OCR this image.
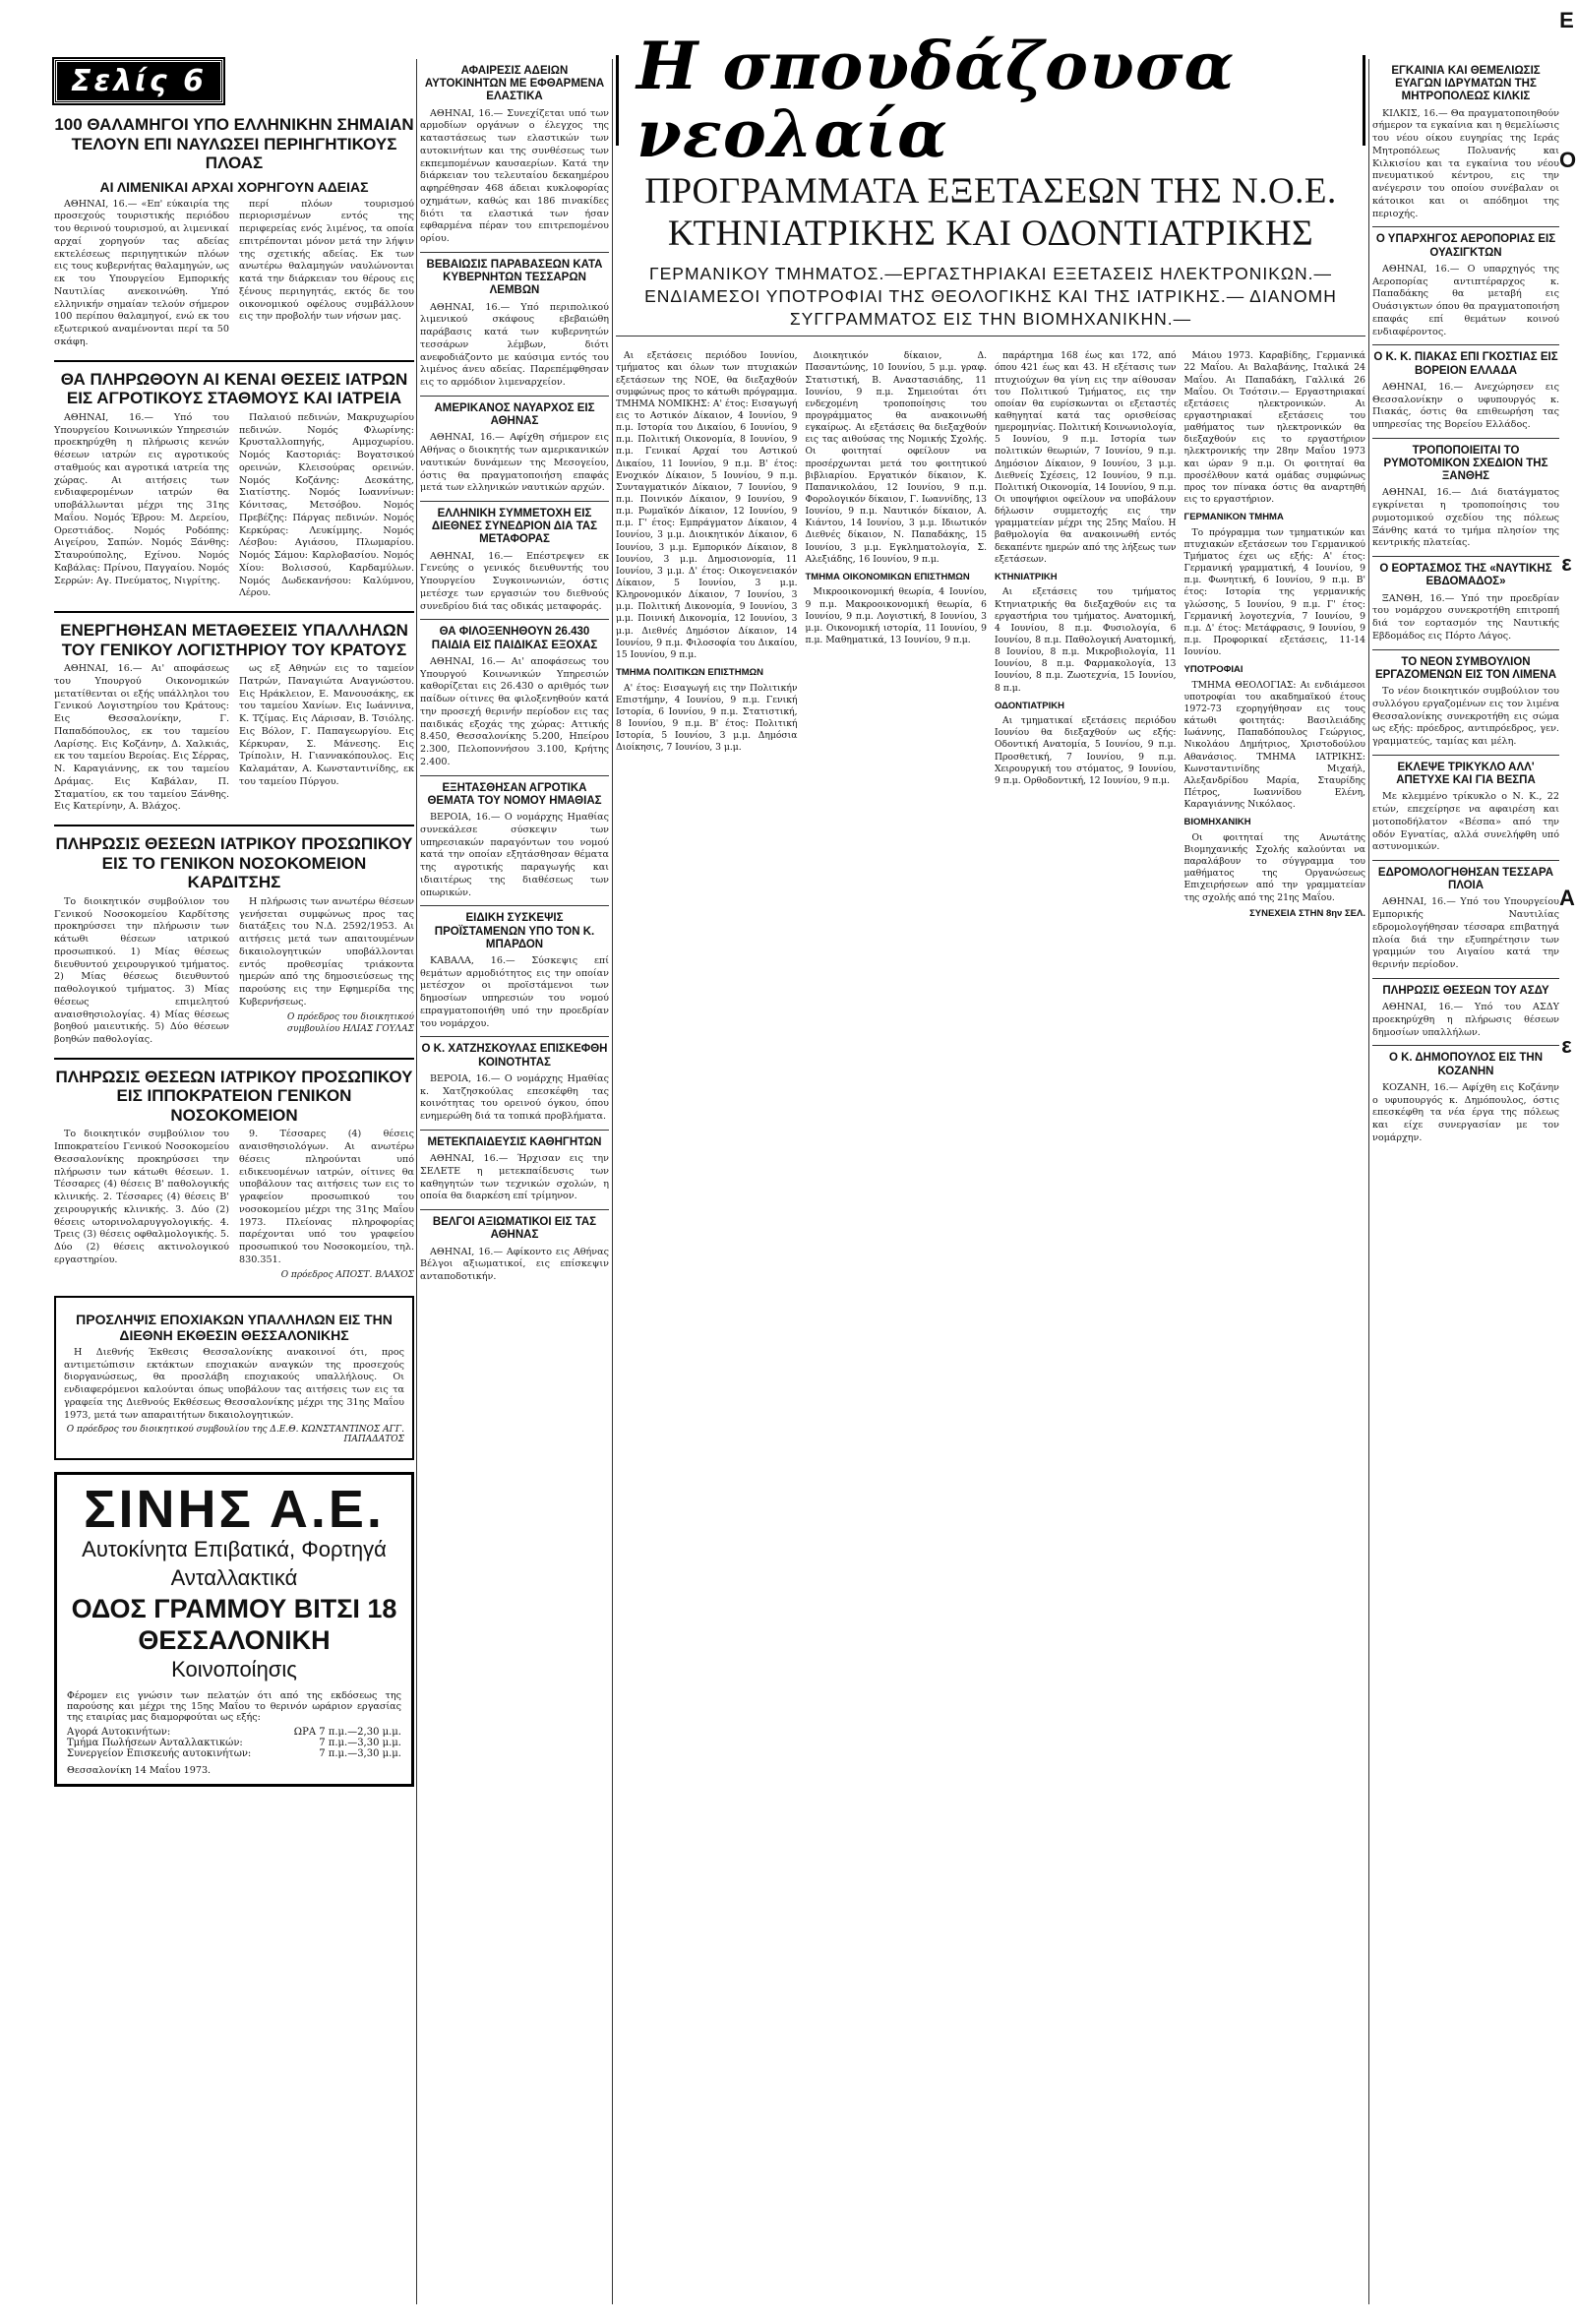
Σελίς 6
100 ΘΑΛΑΜΗΓΟΙ ΥΠΟ ΕΛΛΗΝΙΚΗΝ ΣΗΜΑΙΑΝ ΤΕΛΟΥΝ ΕΠΙ ΝΑΥΛΩΣΕΙ ΠΕΡΙΗΓΗΤΙΚΟΥΣ ΠΛΟΑΣ
ΑΙ ΛΙΜΕΝΙΚΑΙ ΑΡΧΑΙ ΧΟΡΗΓΟΥΝ ΑΔΕΙΑΣ

ΑΘΗΝΑΙ, 16.— «Επ' εύκαιρία της προσεχούς τουριστικής περιόδου του θερινού τουρισμού, αι λιμενικαί αρχαί χορηγούν τας αδείας εκτελέσεως περιηγητικών πλόων εις τους κυβερνήτας θαλαμηγών, ως εκ του Υπουργείου Εμπορικής Ναυτιλίας ανεκοινώθη. Υπό ελληνικήν σημαίαν τελούν σήμερον 100 περίπου θαλαμηγοί, ενώ εκ του εξωτερικού αναμένονται περί τα 50 σκάφη.

περί πλόων τουρισμού περιορισμένων εντός της περιφερείας ενός λιμένος, τα οποία επιτρέπονται μόνον μετά την λήψιν της σχετικής αδείας. Εκ των ανωτέρω θαλαμηγών ναυλώνονται κατά την διάρκειαν του θέρους εις ξένους περιηγητάς, εκτός δε του οικονομικού οφέλους συμβάλλουν εις την προβολήν των νήσων μας.

ΘΑ ΠΛΗΡΩΘΟΥΝ ΑΙ ΚΕΝΑΙ ΘΕΣΕΙΣ ΙΑΤΡΩΝ ΕΙΣ ΑΓΡΟΤΙΚΟΥΣ ΣΤΑΘΜΟΥΣ ΚΑΙ ΙΑΤΡΕΙΑ

ΑΘΗΝΑΙ, 16.— Υπό του Υπουργείου Κοινωνικών Υπηρεσιών προεκηρύχθη η πλήρωσις κενών θέσεων ιατρών εις αγροτικούς σταθμούς και αγροτικά ιατρεία της χώρας. Αι αιτήσεις των ενδιαφερομένων ιατρών θα υποβάλλωνται μέχρι της 31ης Μαΐου. Νομός Έβρου: Μ. Δερείου, Ορεστιάδος. Νομός Ροδόπης: Αιγείρου, Σαπών. Νομός Ξάνθης: Σταυρούπολης, Εχίνου. Νομός Καβάλας: Πρίνου, Παγγαίου. Νομός Σερρών: Αγ. Πνεύματος, Νιγρίτης.

Παλαιού πεδινών, Μακρυχωρίου πεδινών. Νομός Φλωρίνης: Κρυσταλλοπηγής, Αμμοχωρίου. Νομός Καστοριάς: Βογατσικού ορεινών, Κλεισούρας ορεινών. Νομός Κοζάνης: Δεσκάτης, Σιατίστης. Νομός Ιωαννίνων: Κόνιτσας, Μετσόβου. Νομός Πρεβέζης: Πάργας πεδινών. Νομός Κερκύρας: Λευκίμμης. Νομός Λέσβου: Αγιάσου, Πλωμαρίου. Νομός Σάμου: Καρλοβασίου. Νομός Χίου: Βολισσού, Καρδαμύλων. Νομός Δωδεκανήσου: Καλύμνου, Λέρου.

ΕΝΕΡΓΗΘΗΣΑΝ ΜΕΤΑΘΕΣΕΙΣ ΥΠΑΛΛΗΛΩΝ ΤΟΥ ΓΕΝΙΚΟΥ ΛΟΓΙΣΤΗΡΙΟΥ ΤΟΥ ΚΡΑΤΟΥΣ

ΑΘΗΝΑΙ, 16.— Αι' αποφάσεως του Υπουργού Οικονομικών μετατίθενται οι εξής υπάλληλοι του Γενικού Λογιστηρίου του Κράτους: Εις Θεσσαλονίκην, Γ. Παπαδόπουλος, εκ του ταμείου Λαρίσης. Εις Κοζάνην, Δ. Χαλκιάς, εκ του ταμείου Βεροίας. Εις Σέρρας, Ν. Καραγιάννης, εκ του ταμείου Δράμας. Εις Καβάλαν, Π. Σταματίου, εκ του ταμείου Ξάνθης. Εις Κατερίνην, Α. Βλάχος.

ως εξ Αθηνών εις το ταμείον Πατρών, Παναγιώτα Αναγνώστου. Εις Ηράκλειον, Ε. Μανουσάκης, εκ του ταμείου Χανίων. Εις Ιωάννινα, Κ. Τζίμας. Εις Λάρισαν, Β. Τσιόλης. Εις Βόλον, Γ. Παπαγεωργίου. Εις Κέρκυραν, Σ. Μάνεσης. Εις Τρίπολιν, Η. Γιαννακόπουλος. Εις Καλαμάταν, Α. Κωνσταντινίδης, εκ του ταμείου Πύργου.

ΠΛΗΡΩΣΙΣ ΘΕΣΕΩΝ ΙΑΤΡΙΚΟΥ ΠΡΟΣΩΠΙΚΟΥ ΕΙΣ ΤΟ ΓΕΝΙΚΟΝ ΝΟΣΟΚΟΜΕΙΟΝ ΚΑΡΔΙΤΣΗΣ

Το διοικητικόν συμβούλιον του Γενικού Νοσοκομείου Καρδίτσης προκηρύσσει την πλήρωσιν των κάτωθι θέσεων ιατρικού προσωπικού. 1) Μίας θέσεως διευθυντού χειρουργικού τμήματος. 2) Μίας θέσεως διευθυντού παθολογικού τμήματος. 3) Μίας θέσεως επιμελητού αναισθησιολογίας. 4) Μίας θέσεως βοηθού μαιευτικής. 5) Δύο θέσεων βοηθών παθολογίας.

Η πλήρωσις των ανωτέρω θέσεων γενήσεται συμφώνως προς τας διατάξεις του Ν.Δ. 2592/1953. Αι αιτήσεις μετά των απαιτουμένων δικαιολογητικών υποβάλλονται εντός προθεσμίας τριάκοντα ημερών από της δημοσιεύσεως της παρούσης εις την Εφημερίδα της Κυβερνήσεως.

Ο πρόεδρος του διοικητικού συμβουλίου ΗΛΙΑΣ ΓΟΥΛΑΣ
ΠΛΗΡΩΣΙΣ ΘΕΣΕΩΝ ΙΑΤΡΙΚΟΥ ΠΡΟΣΩΠΙΚΟΥ ΕΙΣ ΙΠΠΟΚΡΑΤΕΙΟΝ ΓΕΝΙΚΟΝ ΝΟΣΟΚΟΜΕΙΟΝ

Το διοικητικόν συμβούλιον του Ιπποκρατείου Γενικού Νοσοκομείου Θεσσαλονίκης προκηρύσσει την πλήρωσιν των κάτωθι θέσεων. 1. Τέσσαρες (4) θέσεις Β' παθολογικής κλινικής. 2. Τέσσαρες (4) θέσεις Β' χειρουργικής κλινικής. 3. Δύο (2) θέσεις ωτορινολαρυγγολογικής. 4. Τρεις (3) θέσεις οφθαλμολογικής. 5. Δύο (2) θέσεις ακτινολογικού εργαστηρίου.

9. Τέσσαρες (4) θέσεις αναισθησιολόγων. Αι ανωτέρω θέσεις πληρούνται υπό ειδικευομένων ιατρών, οίτινες θα υποβάλουν τας αιτήσεις των εις το γραφείον προσωπικού του νοσοκομείου μέχρι της 31ης Μαΐου 1973. Πλείονας πληροφορίας παρέχονται υπό του γραφείου προσωπικού του Νοσοκομείου, τηλ. 830.351.

Ο πρόεδρος ΑΠΟΣΤ. ΒΛΑΧΟΣ
ΠΡΟΣΛΗΨΙΣ ΕΠΟΧΙΑΚΩΝ ΥΠΑΛΛΗΛΩΝ ΕΙΣ ΤΗΝ ΔΙΕΘΝΗ ΕΚΘΕΣΙΝ ΘΕΣΣΑΛΟΝΙΚΗΣ

Η Διεθνής Έκθεσις Θεσσαλονίκης ανακοινοί ότι, προς αντιμετώπισιν εκτάκτων εποχιακών αναγκών της προσεχούς διοργανώσεως, θα προσλάβη εποχιακούς υπαλλήλους. Οι ενδιαφερόμενοι καλούνται όπως υποβάλουν τας αιτήσεις των εις τα γραφεία της Διεθνούς Εκθέσεως Θεσσαλονίκης μέχρι της 31ης Μαΐου 1973, μετά των απαραιτήτων δικαιολογητικών.

Ο πρόεδρος του διοικητικού συμβουλίου της Δ.Ε.Θ. ΚΩΝΣΤΑΝΤΙΝΟΣ ΑΓΓ. ΠΑΠΑΔΑΤΟΣ
ΣΙΝΗΣ Α.Ε.
Αυτοκίνητα Επιβατικά, Φορτηγά
Ανταλλακτικά
ΟΔΟΣ ΓΡΑΜΜΟΥ ΒΙΤΣΙ 18
ΘΕΣΣΑΛΟΝΙΚΗ
Κοινοποίησις
Φέρομεν εις γνώσιν των πελατών ότι από της εκδόσεως της παρούσης και μέχρι της 15ης Μαΐου το θερινόν ωράριον εργασίας της εταιρίας μας διαμορφούται ως εξής:
Αγορά Αυτοκινήτων:	ΩΡΑ 7 π.μ.—2,30 μ.μ.
Τμήμα Πωλήσεων Ανταλλακτικών:	7 π.μ.—3,30 μ.μ.
Συνεργείον Επισκευής αυτοκινήτων:	7 π.μ.—3,30 μ.μ.
Θεσσαλονίκη 14 Μαΐου 1973.
ΑΦΑΙΡΕΣΙΣ ΑΔΕΙΩΝ ΑΥΤΟΚΙΝΗΤΩΝ ΜΕ ΕΦΘΑΡΜΕΝΑ ΕΛΑΣΤΙΚΑ

ΑΘΗΝΑΙ, 16.— Συνεχίζεται υπό των αρμοδίων οργάνων ο έλεγχος της καταστάσεως των ελαστικών των αυτοκινήτων και της συνθέσεως των εκπεμπομένων καυσαερίων. Κατά την διάρκειαν του τελευταίου δεκαημέρου αφηρέθησαν 468 άδειαι κυκλοφορίας οχημάτων, καθώς και 186 πινακίδες διότι τα ελαστικά των ήσαν εφθαρμένα πέραν του επιτρεπομένου ορίου.

ΒΕΒΑΙΩΣΙΣ ΠΑΡΑΒΑΣΕΩΝ ΚΑΤΑ ΚΥΒΕΡΝΗΤΩΝ ΤΕΣΣΑΡΩΝ ΛΕΜΒΩΝ

ΑΘΗΝΑΙ, 16.— Υπό περιπολικού λιμενικού σκάφους εβεβαιώθη παράβασις κατά των κυβερνητών τεσσάρων λέμβων, διότι ανεφοδιάζοντο με καύσιμα εντός του λιμένος άνευ αδείας. Παρεπέμφθησαν εις το αρμόδιον λιμεναρχείον.

ΑΜΕΡΙΚΑΝΟΣ ΝΑΥΑΡΧΟΣ ΕΙΣ ΑΘΗΝΑΣ

ΑΘΗΝΑΙ, 16.— Αφίχθη σήμερον εις Αθήνας ο διοικητής των αμερικανικών ναυτικών δυνάμεων της Μεσογείου, όστις θα πραγματοποιήση επαφάς μετά των ελληνικών ναυτικών αρχών.

ΕΛΛΗΝΙΚΗ ΣΥΜΜΕΤΟΧΗ ΕΙΣ ΔΙΕΘΝΕΣ ΣΥΝΕΔΡΙΟΝ ΔΙΑ ΤΑΣ ΜΕΤΑΦΟΡΑΣ

ΑΘΗΝΑΙ, 16.— Επέστρεψεν εκ Γενεύης ο γενικός διευθυντής του Υπουργείου Συγκοινωνιών, όστις μετέσχε των εργασιών του διεθνούς συνεδρίου διά τας οδικάς μεταφοράς.

ΘΑ ΦΙΛΟΞΕΝΗΘΟΥΝ 26.430 ΠΑΙΔΙΑ ΕΙΣ ΠΑΙΔΙΚΑΣ ΕΞΟΧΑΣ

ΑΘΗΝΑΙ, 16.— Αι' αποφάσεως του Υπουργού Κοινωνικών Υπηρεσιών καθορίζεται εις 26.430 ο αριθμός των παίδων οίτινες θα φιλοξενηθούν κατά την προσεχή θερινήν περίοδον εις τας παιδικάς εξοχάς της χώρας: Αττικής 8.450, Θεσσαλονίκης 5.200, Ηπείρου 2.300, Πελοποννήσου 3.100, Κρήτης 2.400.

ΕΞΗΤΑΣΘΗΣΑΝ ΑΓΡΟΤΙΚΑ ΘΕΜΑΤΑ ΤΟΥ ΝΟΜΟΥ ΗΜΑΘΙΑΣ

ΒΕΡΟΙΑ, 16.— Ο νομάρχης Ημαθίας συνεκάλεσε σύσκεψιν των υπηρεσιακών παραγόντων του νομού κατά την οποίαν εξητάσθησαν θέματα της αγροτικής παραγωγής και ιδιαιτέρως της διαθέσεως των οπωρικών.

ΕΙΔΙΚΗ ΣΥΣΚΕΨΙΣ ΠΡΟΪΣΤΑΜΕΝΩΝ ΥΠΟ ΤΟΝ Κ. ΜΠΑΡΔΟΝ

ΚΑΒΑΛΑ, 16.— Σύσκεψις επί θεμάτων αρμοδιότητος εις την οποίαν μετέσχον οι προϊστάμενοι των δημοσίων υπηρεσιών του νομού επραγματοποιήθη υπό την προεδρίαν του νομάρχου.

Ο Κ. ΧΑΤΖΗΣΚΟΥΛΑΣ ΕΠΙΣΚΕΦΘΗ ΚΟΙΝΟΤΗΤΑΣ

ΒΕΡΟΙΑ, 16.— Ο νομάρχης Ημαθίας κ. Χατζησκούλας επεσκέφθη τας κοινότητας του ορεινού όγκου, όπου ενημερώθη διά τα τοπικά προβλήματα.

ΜΕΤΕΚΠΑΙΔΕΥΣΙΣ ΚΑΘΗΓΗΤΩΝ

ΑΘΗΝΑΙ, 16.— Ήρχισαν εις την ΣΕΛΕΤΕ η μετεκπαίδευσις των καθηγητών των τεχνικών σχολών, η οποία θα διαρκέση επί τρίμηνον.

ΒΕΛΓΟΙ ΑΞΙΩΜΑΤΙΚΟΙ ΕΙΣ ΤΑΣ ΑΘΗΝΑΣ

ΑΘΗΝΑΙ, 16.— Αφίκοντο εις Αθήνας Βέλγοι αξιωματικοί, εις επίσκεψιν ανταποδοτικήν.

Η σπουδάζουσα νεολαία
ΠΡΟΓΡΑΜΜΑΤΑ ΕΞΕΤΑΣΕΩΝ ΤΗΣ Ν.Ο.Ε.
ΚΤΗΝΙΑΤΡΙΚΗΣ ΚΑΙ ΟΔΟΝΤΙΑΤΡΙΚΗΣ
ΓΕΡΜΑΝΙΚΟΥ ΤΜΗΜΑΤΟΣ.—ΕΡΓΑΣΤΗΡΙΑΚΑΙ ΕΞΕΤΑΣΕΙΣ ΗΛΕΚΤΡΟΝΙΚΩΝ.— ΕΝΔΙΑΜΕΣΟΙ ΥΠΟΤΡΟΦΙΑΙ ΤΗΣ ΘΕΟΛΟΓΙΚΗΣ ΚΑΙ ΤΗΣ ΙΑΤΡΙΚΗΣ.— ΔΙΑΝΟΜΗ ΣΥΓΓΡΑΜΜΑΤΟΣ ΕΙΣ ΤΗΝ ΒΙΟΜΗΧΑΝΙΚΗΝ.—

Αι εξετάσεις περιόδου Ιουνίου, τμήματος και όλων των πτυχιακών εξετάσεων της ΝΟΕ, θα διεξαχθούν συμφώνως προς το κάτωθι πρόγραμμα. ΤΜΗΜΑ ΝΟΜΙΚΗΣ: Α' έτος: Εισαγωγή εις το Αστικόν Δίκαιον, 4 Ιουνίου, 9 π.μ. Ιστορία του Δικαίου, 6 Ιουνίου, 9 π.μ. Πολιτική Οικονομία, 8 Ιουνίου, 9 π.μ. Γενικαί Αρχαί του Αστικού Δικαίου, 11 Ιουνίου, 9 π.μ. Β' έτος: Ενοχικόν Δίκαιον, 5 Ιουνίου, 9 π.μ. Συνταγματικόν Δίκαιον, 7 Ιουνίου, 9 π.μ. Ποινικόν Δίκαιον, 9 Ιουνίου, 9 π.μ. Ρωμαϊκόν Δίκαιον, 12 Ιουνίου, 9 π.μ. Γ' έτος: Εμπράγματον Δίκαιον, 4 Ιουνίου, 3 μ.μ. Διοικητικόν Δίκαιον, 6 Ιουνίου, 3 μ.μ. Εμπορικόν Δίκαιον, 8 Ιουνίου, 3 μ.μ. Δημοσιονομία, 11 Ιουνίου, 3 μ.μ. Δ' έτος: Οικογενειακόν Δίκαιον, 5 Ιουνίου, 3 μ.μ. Κληρονομικόν Δίκαιον, 7 Ιουνίου, 3 μ.μ. Πολιτική Δικονομία, 9 Ιουνίου, 3 μ.μ. Ποινική Δικονομία, 12 Ιουνίου, 3 μ.μ. Διεθνές Δημόσιον Δίκαιον, 14 Ιουνίου, 9 π.μ. Φιλοσοφία του Δικαίου, 15 Ιουνίου, 9 π.μ.

ΤΜΗΜΑ ΠΟΛΙΤΙΚΩΝ ΕΠΙΣΤΗΜΩΝ

Α' έτος: Εισαγωγή εις την Πολιτικήν Επιστήμην, 4 Ιουνίου, 9 π.μ. Γενική Ιστορία, 6 Ιουνίου, 9 π.μ. Στατιστική, 8 Ιουνίου, 9 π.μ. Β' έτος: Πολιτική Ιστορία, 5 Ιουνίου, 3 μ.μ. Δημόσια Διοίκησις, 7 Ιουνίου, 3 μ.μ.

Διοικητικόν δίκαιον, Δ. Πασαντώνης, 10 Ιουνίου, 5 μ.μ. γραφ. Στατιστική, Β. Αναστασιάδης, 11 Ιουνίου, 9 π.μ. Σημειούται ότι ενδεχομένη τροποποίησις του προγράμματος θα ανακοινωθή εγκαίρως. Αι εξετάσεις θα διεξαχθούν εις τας αιθούσας της Νομικής Σχολής. Οι φοιτηταί οφείλουν να προσέρχωνται μετά του φοιτητικού βιβλιαρίου. Εργατικόν δίκαιον, Κ. Παπανικολάου, 12 Ιουνίου, 9 π.μ. Φορολογικόν δίκαιον, Γ. Ιωαννίδης, 13 Ιουνίου, 9 π.μ. Ναυτικόν δίκαιον, Α. Κιάντου, 14 Ιουνίου, 3 μ.μ. Ιδιωτικόν Διεθνές δίκαιον, Ν. Παπαδάκης, 15 Ιουνίου, 3 μ.μ. Εγκληματολογία, Σ. Αλεξιάδης, 16 Ιουνίου, 9 π.μ.

ΤΜΗΜΑ ΟΙΚΟΝΟΜΙΚΩΝ ΕΠΙΣΤΗΜΩΝ

Μικροοικονομική θεωρία, 4 Ιουνίου, 9 π.μ. Μακροοικονομική θεωρία, 6 Ιουνίου, 9 π.μ. Λογιστική, 8 Ιουνίου, 3 μ.μ. Οικονομική ιστορία, 11 Ιουνίου, 9 π.μ. Μαθηματικά, 13 Ιουνίου, 9 π.μ.

παράρτημα 168 έως και 172, από όπου 421 έως και 43. Η εξέτασις των πτυχιούχων θα γίνη εις την αίθουσαν του Πολιτικού Τμήματος, εις την οποίαν θα ευρίσκωνται οι εξεταστές καθηγηταί κατά τας ορισθείσας ημερομηνίας. Πολιτική Κοινωνιολογία, 5 Ιουνίου, 9 π.μ. Ιστορία των πολιτικών θεωριών, 7 Ιουνίου, 9 π.μ. Δημόσιον Δίκαιον, 9 Ιουνίου, 3 μ.μ. Διεθνείς Σχέσεις, 12 Ιουνίου, 9 π.μ. Πολιτική Οικονομία, 14 Ιουνίου, 9 π.μ. Οι υποψήφιοι οφείλουν να υποβάλουν δήλωσιν συμμετοχής εις την γραμματείαν μέχρι της 25ης Μαΐου. Η βαθμολογία θα ανακοινωθή εντός δεκαπέντε ημερών από της λήξεως των εξετάσεων.

ΚΤΗΝΙΑΤΡΙΚΗ

Αι εξετάσεις του τμήματος Κτηνιατρικής θα διεξαχθούν εις τα εργαστήρια του τμήματος. Ανατομική, 4 Ιουνίου, 8 π.μ. Φυσιολογία, 6 Ιουνίου, 8 π.μ. Παθολογική Ανατομική, 8 Ιουνίου, 8 π.μ. Μικροβιολογία, 11 Ιουνίου, 8 π.μ. Φαρμακολογία, 13 Ιουνίου, 8 π.μ. Ζωοτεχνία, 15 Ιουνίου, 8 π.μ.

ΟΔΟΝΤΙΑΤΡΙΚΗ

Αι τμηματικαί εξετάσεις περιόδου Ιουνίου θα διεξαχθούν ως εξής: Οδοντική Ανατομία, 5 Ιουνίου, 9 π.μ. Προσθετική, 7 Ιουνίου, 9 π.μ. Χειρουργική του στόματος, 9 Ιουνίου, 9 π.μ. Ορθοδοντική, 12 Ιουνίου, 9 π.μ.

Μάιου 1973. Καραβίδης, Γερμανικά 22 Μαΐου. Αι Βαλαβάνης, Ιταλικά 24 Μαΐου. Αι Παπαδάκη, Γαλλικά 26 Μαΐου. Οι Τσότσιν.— Εργαστηριακαί εξετάσεις ηλεκτρονικών. Αι εργαστηριακαί εξετάσεις του μαθήματος των ηλεκτρονικών θα διεξαχθούν εις το εργαστήριον ηλεκτρονικής την 28ην Μαΐου 1973 και ώραν 9 π.μ. Οι φοιτηταί θα προσέλθουν κατά ομάδας συμφώνως προς τον πίνακα όστις θα αναρτηθή εις το εργαστήριον.

ΓΕΡΜΑΝΙΚΟΝ ΤΜΗΜΑ

Το πρόγραμμα των τμηματικών και πτυχιακών εξετάσεων του Γερμανικού Τμήματος έχει ως εξής: Α' έτος: Γερμανική γραμματική, 4 Ιουνίου, 9 π.μ. Φωνητική, 6 Ιουνίου, 9 π.μ. Β' έτος: Ιστορία της γερμανικής γλώσσης, 5 Ιουνίου, 9 π.μ. Γ' έτος: Γερμανική λογοτεχνία, 7 Ιουνίου, 9 π.μ. Δ' έτος: Μετάφρασις, 9 Ιουνίου, 9 π.μ. Προφορικαί εξετάσεις, 11-14 Ιουνίου.

ΥΠΟΤΡΟΦΙΑΙ

ΤΜΗΜΑ ΘΕΟΛΟΓΙΑΣ: Αι ενδιάμεσοι υποτροφίαι του ακαδημαϊκού έτους 1972-73 εχορηγήθησαν εις τους κάτωθι φοιτητάς: Βασιλειάδης Ιωάννης, Παπαδόπουλος Γεώργιος, Νικολάου Δημήτριος, Χριστοδούλου Αθανάσιος. ΤΜΗΜΑ ΙΑΤΡΙΚΗΣ: Κωνσταντινίδης Μιχαήλ, Αλεξανδρίδου Μαρία, Σταυρίδης Πέτρος, Ιωαννίδου Ελένη, Καραγιάννης Νικόλαος.

ΒΙΟΜΗΧΑΝΙΚΗ

Οι φοιτηταί της Ανωτάτης Βιομηχανικής Σχολής καλούνται να παραλάβουν το σύγγραμμα του μαθήματος της Οργανώσεως Επιχειρήσεων από την γραμματείαν της σχολής από της 21ης Μαΐου.

ΣΥΝΕΧΕΙΑ ΣΤΗΝ 8ην ΣΕΛ.
ΕΓΚΑΙΝΙΑ ΚΑΙ ΘΕΜΕΛΙΩΣΙΣ ΕΥΑΓΩΝ ΙΔΡΥΜΑΤΩΝ ΤΗΣ ΜΗΤΡΟΠΟΛΕΩΣ ΚΙΛΚΙΣ

ΚΙΛΚΙΣ, 16.— Θα πραγματοποιηθούν σήμερον τα εγκαίνια και η θεμελίωσις του νέου οίκου ευγηρίας της Ιεράς Μητροπόλεως Πολυανής και Κιλκισίου και τα εγκαίνια του νέου πνευματικού κέντρου, εις την ανέγερσιν του οποίου συνέβαλαν οι κάτοικοι και οι απόδημοι της περιοχής.

Ο ΥΠΑΡΧΗΓΟΣ ΑΕΡΟΠΟΡΙΑΣ ΕΙΣ ΟΥΑΣΙΓΚΤΩΝ

ΑΘΗΝΑΙ, 16.— Ο υπαρχηγός της Αεροπορίας αντιπτέραρχος κ. Παπαδάκης θα μεταβή εις Ουάσιγκτων όπου θα πραγματοποιήση επαφάς επί θεμάτων κοινού ενδιαφέροντος.

Ο Κ. Κ. ΠΙΑΚΑΣ ΕΠΙ ΓΚΟΣΤΙΑΣ ΕΙΣ ΒΟΡΕΙΟΝ ΕΛΛΑΔΑ

ΑΘΗΝΑΙ, 16.— Ανεχώρησεν εις Θεσσαλονίκην ο υφυπουργός κ. Πιακάς, όστις θα επιθεωρήση τας υπηρεσίας της Βορείου Ελλάδος.

ΤΡΟΠΟΠΟΙΕΙΤΑΙ ΤΟ ΡΥΜΟΤΟΜΙΚΟΝ ΣΧΕΔΙΟΝ ΤΗΣ ΞΑΝΘΗΣ

ΑΘΗΝΑΙ, 16.— Διά διατάγματος εγκρίνεται η τροποποίησις του ρυμοτομικού σχεδίου της πόλεως Ξάνθης κατά το τμήμα πλησίον της κεντρικής πλατείας.

Ο ΕΟΡΤΑΣΜΟΣ ΤΗΣ «ΝΑΥΤΙΚΗΣ ΕΒΔΟΜΑΔΟΣ»

ΞΑΝΘΗ, 16.— Υπό την προεδρίαν του νομάρχου συνεκροτήθη επιτροπή διά τον εορτασμόν της Ναυτικής Εβδομάδος εις Πόρτο Λάγος.

ΤΟ ΝΕΟΝ ΣΥΜΒΟΥΛΙΟΝ ΕΡΓΑΖΟΜΕΝΩΝ ΕΙΣ ΤΟΝ ΛΙΜΕΝΑ

Το νέον διοικητικόν συμβούλιον του συλλόγου εργαζομένων εις τον λιμένα Θεσσαλονίκης συνεκροτήθη εις σώμα ως εξής: πρόεδρος, αντιπρόεδρος, γεν. γραμματεύς, ταμίας και μέλη.

ΕΚΛΕΨΕ ΤΡΙΚΥΚΛΟ ΑΛΛ' ΑΠΕΤΥΧΕ ΚΑΙ ΓΙΑ ΒΕΣΠΑ

Με κλεμμένο τρίκυκλο ο Ν. Κ., 22 ετών, επεχείρησε να αφαιρέση και μοτοποδήλατον «Βέσπα» από την οδόν Εγνατίας, αλλά συνελήφθη υπό αστυνομικών.

ΕΔΡΟΜΟΛΟΓΗΘΗΣΑΝ ΤΕΣΣΑΡΑ ΠΛΟΙΑ

ΑΘΗΝΑΙ, 16.— Υπό του Υπουργείου Εμπορικής Ναυτιλίας εδρομολογήθησαν τέσσαρα επιβατηγά πλοία διά την εξυπηρέτησιν των γραμμών του Αιγαίου κατά την θερινήν περίοδον.

ΠΛΗΡΩΣΙΣ ΘΕΣΕΩΝ ΤΟΥ ΑΣΔΥ

ΑΘΗΝΑΙ, 16.— Υπό του ΑΣΔΥ προεκηρύχθη η πλήρωσις θέσεων δημοσίων υπαλλήλων.

Ο Κ. ΔΗΜΟΠΟΥΛΟΣ ΕΙΣ ΤΗΝ ΚΟΖΑΝΗΝ

ΚΟΖΑΝΗ, 16.— Αφίχθη εις Κοζάνην ο υφυπουργός κ. Δημόπουλος, όστις επεσκέφθη τα νέα έργα της πόλεως και είχε συνεργασίαν με τον νομάρχην.

Ε
Ο
ε
Α
ε
